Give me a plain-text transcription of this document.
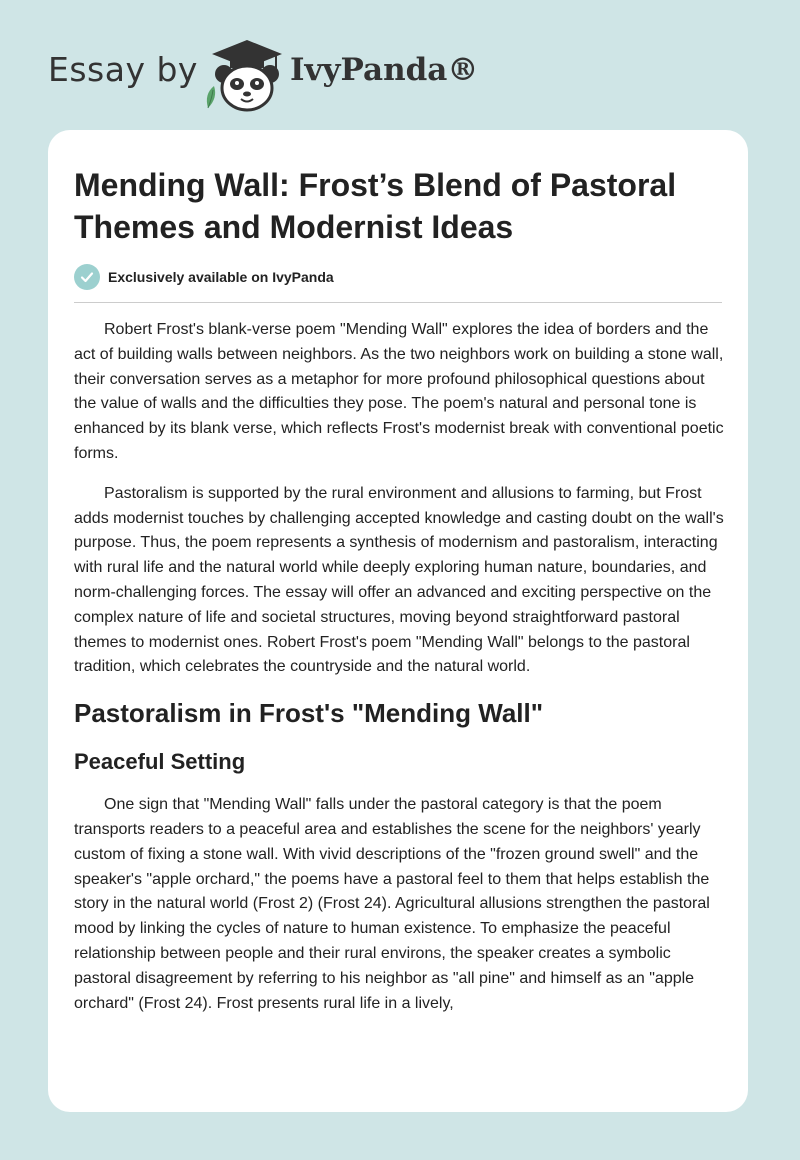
Essay by	IvyPanda®
Mending Wall: Frost’s Blend of Pastoral Themes and Modernist Ideas
Exclusively available on IvyPanda

Robert Frost's blank-verse poem "Mending Wall" explores the idea of borders and the act of building walls between neighbors. As the two neighbors work on building a stone wall, their conversation serves as a metaphor for more profound philosophical questions about the value of walls and the difficulties they pose. The poem's natural and personal tone is enhanced by its blank verse, which reflects Frost's modernist break with conventional poetic forms.

Pastoralism is supported by the rural environment and allusions to farming, but Frost adds modernist touches by challenging accepted knowledge and casting doubt on the wall's purpose. Thus, the poem represents a synthesis of modernism and pastoralism, interacting with rural life and the natural world while deeply exploring human nature, boundaries, and norm-challenging forces. The essay will offer an advanced and exciting perspective on the complex nature of life and societal structures, moving beyond straightforward pastoral themes to modernist ones. Robert Frost's poem "Mending Wall" belongs to the pastoral tradition, which celebrates the countryside and the natural world.

Pastoralism in Frost's "Mending Wall"
Peaceful Setting

One sign that "Mending Wall" falls under the pastoral category is that the poem transports readers to a peaceful area and establishes the scene for the neighbors' yearly custom of fixing a stone wall. With vivid descriptions of the "frozen ground swell" and the speaker's "apple orchard," the poems have a pastoral feel to them that helps establish the story in the natural world (Frost 2) (Frost 24). Agricultural allusions strengthen the pastoral mood by linking the cycles of nature to human existence. To emphasize the peaceful relationship between people and their rural environs, the speaker creates a symbolic pastoral disagreement by referring to his neighbor as "all pine" and himself as an "apple orchard" (Frost 24). Frost presents rural life in a lively,
